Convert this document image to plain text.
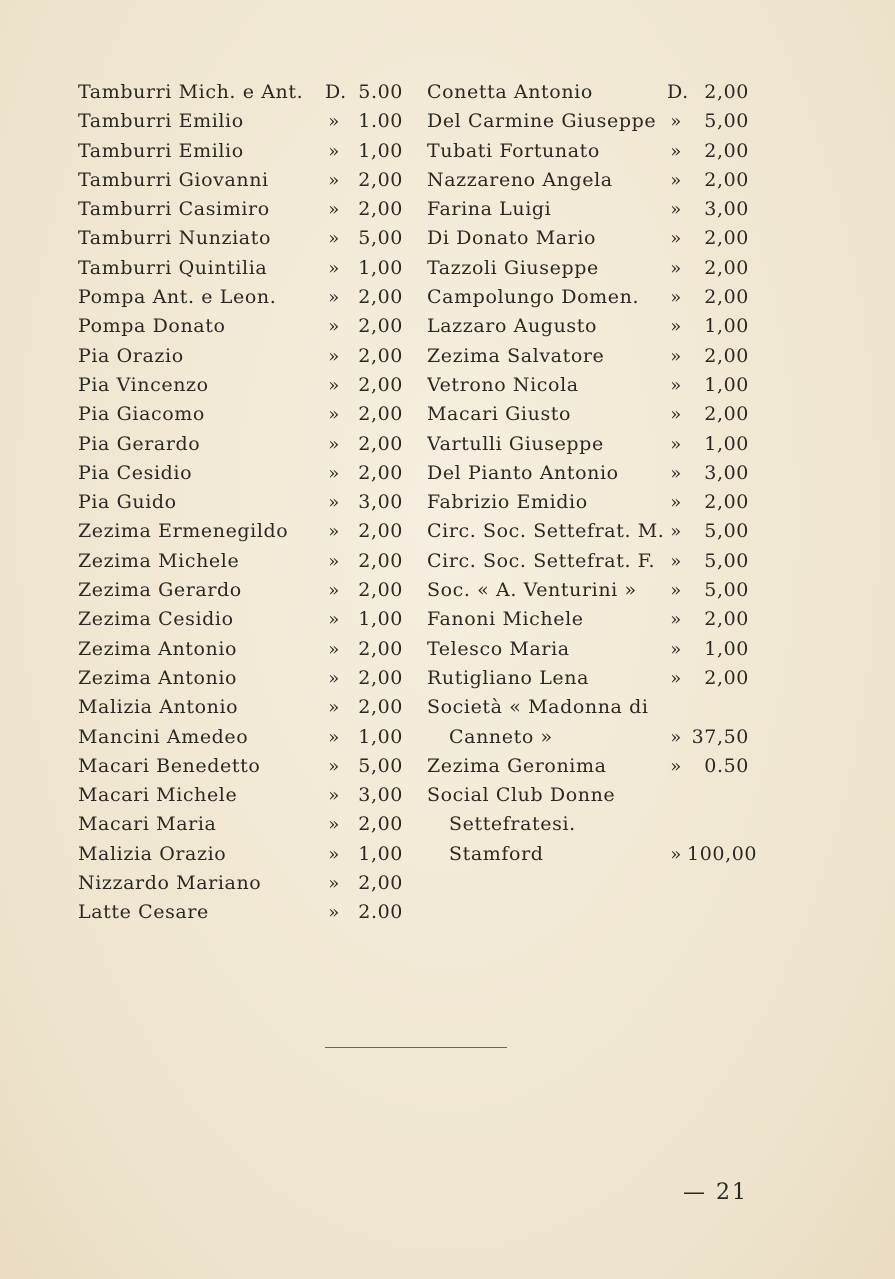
Tamburri Mich. e Ant.	D. 5.00
Tamburri Emilio	» 1.00
Tamburri Emilio	» 1,00
Tamburri Giovanni	» 2,00
Tamburri Casimiro	» 2,00
Tamburri Nunziato	» 5,00
Tamburri Quintilia	» 1,00
Pompa Ant. e Leon.	» 2,00
Pompa Donato	» 2,00
Pia Orazio	» 2,00
Pia Vincenzo	» 2,00
Pia Giacomo	» 2,00
Pia Gerardo	» 2,00
Pia Cesidio	» 2,00
Pia Guido	» 3,00
Zezima Ermenegildo	» 2,00
Zezima Michele	» 2,00
Zezima Gerardo	» 2,00
Zezima Cesidio	» 1,00
Zezima Antonio	» 2,00
Zezima Antonio	» 2,00
Malizia Antonio	» 2,00
Mancini Amedeo	» 1,00
Macari Benedetto	» 5,00
Macari Michele	» 3,00
Macari Maria	» 2,00
Malizia Orazio	» 1,00
Nizzardo Mariano	» 2,00
Latte Cesare	» 2.00
Conetta Antonio	D. 2,00
Del Carmine Giuseppe »	5,00
Tubati Fortunato	»	2,00
Nazzareno Angela	»	2,00
Farina Luigi	»	3,00
Di Donato Mario	»	2,00
Tazzoli Giuseppe	»	2,00
Campolungo Domen.	»	2,00
Lazzaro Augusto	»	1,00
Zezima Salvatore	»	2,00
Vetrono Nicola	»	1,00
Macari Giusto	»	2,00
Vartulli Giuseppe	»	1,00
Del Pianto Antonio	»	3,00
Fabrizio Emidio	»	2,00
Circ. Soc. Settefrat. M. »	5,00
Circ. Soc. Settefrat. F. »	5,00
Soc. « A. Venturini »	»	5,00
Fanoni Michele	»	2,00
Telesco Maria	»	1,00
Rutigliano Lena	»	2,00
Società « Madonna di
Canneto »	» 37,50
Zezima Geronima	»	0.50
Social Club Donne
Settefratesi.
Stamford	» 100,00
— 21
